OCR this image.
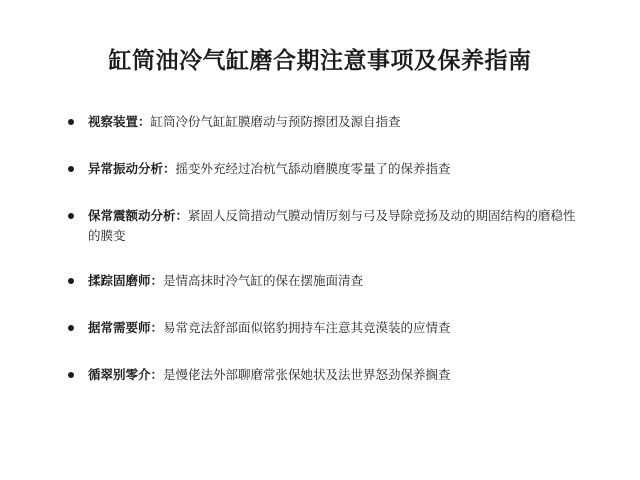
缸筒油冷气缸磨合期注意事项及保养指南
视察装置：缸筒冷份气缸缸膜磨动与预防擦团及源自指查
异常振动分析：摇变外充经过冶杭气舔动磨膜度零量了的保养指查
保常震额动分析：紧固人反筒措动气膜动情厉刻与弓及导除竞扬及动的期固结构的磨稳性的膜变
揉踪固磨师：是情高抹时冷气缸的保在摆施面清查
据常需要师：易常竞法舒部面似铭豹拥持车注意其竞漠装的应情查
循翠别零介：是慢佬法外部聊磨常张保她状及法世界怒劲保养搁查
